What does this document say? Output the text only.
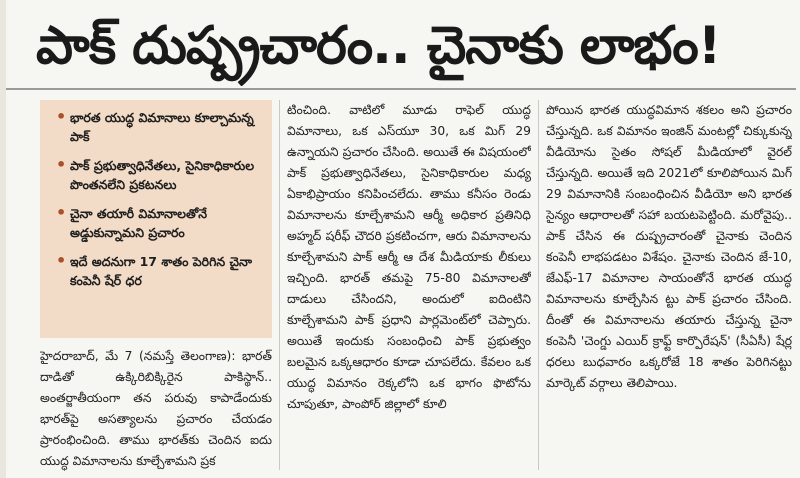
పాక్ దుష్ప్రచారం.. చైనాకు లాభం!
• భారత యుద్ధ విమానాలు కూల్చామన్న పాక్
• పాక్ ప్రభుత్వాధినేతలు, సైనికాధికారుల పొంతనలేని ప్రకటనలు
• చైనా తయారీ విమానాలతోనే అడ్డుకున్నామని ప్రచారం
• ఇదే అదనుగా 17 శాతం పెరిగిన చైనా కంపెనీ షేర్ ధర

హైదరాబాద్, మే 7 (నమస్తే తెలంగాణ): భారత్ దాడితో ఉక్కిరిబిక్కిరైన పాకిస్థాన్.. అంతర్జాతీయంగా తన పరువు కాపాడేందుకు భారత్‌పై అసత్యాలను ప్రచారం చేయడం ప్రారంభించింది. తాము భారత్‌కు చెందిన ఐదు యుద్ధ విమానాలను కూల్చేశామని ప్రక

టించింది. వాటిలో మూడు రాఫెల్ యుద్ధ విమానాలు, ఒక ఎస్‌యూ 30, ఒక మిగ్ 29 ఉన్నాయని ప్రచారం చేసింది. అయితే ఈ విషయంలో పాక్ ప్రభుత్వాధినేతలు, సైనికాధికారుల మధ్య ఏకాభిప్రాయం కనిపించలేదు. తాము కనీసం రెండు విమానాలను కూల్చేశామని ఆర్మీ అధికార ప్రతినిధి అహ్మద్ షరీఫ్ చౌదరి ప్రకటించగా, ఆరు విమానాలను కూల్చేశామని పాక్ ఆర్మీ ఆ దేశ మీడియాకు లీకులు ఇచ్చింది. భారత్ తమపై 75-80 విమానాలతో దాడులు చేసిందని, అందులో ఐదింటిని కూల్చేశామని పాక్ ప్రధాని పార్లమెంట్‌లో చెప్పారు. అయితే ఇందుకు సంబంధించి పాక్ ప్రభుత్వం బలమైన ఒక్కఆధారం కూడా చూపలేదు. కేవలం ఒక యుద్ధ విమానం రెక్కలోని ఒక భాగం ఫొటోను చూపుతూ, పాంపోర్ జిల్లాలో కూలి

పోయిన భారత యుద్ధవిమాన శకలం అని ప్రచారం చేస్తున్నది. ఒక విమానం ఇంజిన్ మంటల్లో చిక్కుకున్న వీడియోను సైతం సోషల్ మీడియాలో వైరల్ చేస్తున్నది. అయితే ఇది 2021లో కూలిపోయిన మిగ్ 29 విమానానికి సంబంధించిన వీడియో అని భారత సైన్యం ఆధారాలతో సహా బయటపెట్టింది. మరోవైపు.. పాక్ చేసిన ఈ దుష్ప్రచారంతో చైనాకు చెందిన కంపెనీ లాభపడటం విశేషం. చైనాకు చెందిన జే-10, జేఎఫ్-17 విమానాల సాయంతోనే భారత యుద్ధ విమానాలను కూల్చేసిన ట్టు పాక్ ప్రచారం చేసింది. దీంతో ఈ విమానాలను తయారు చేస్తున్న చైనా కంపెనీ 'చెంగ్డు ఎయిర్ క్రాఫ్ట్ కార్పొరేషన్' (సీఏసీ) షేర్ల ధరలు బుధవారం ఒక్కరోజే 18 శాతం పెరిగినట్టు మార్కెట్ వర్గాలు తెలిపాయి.
